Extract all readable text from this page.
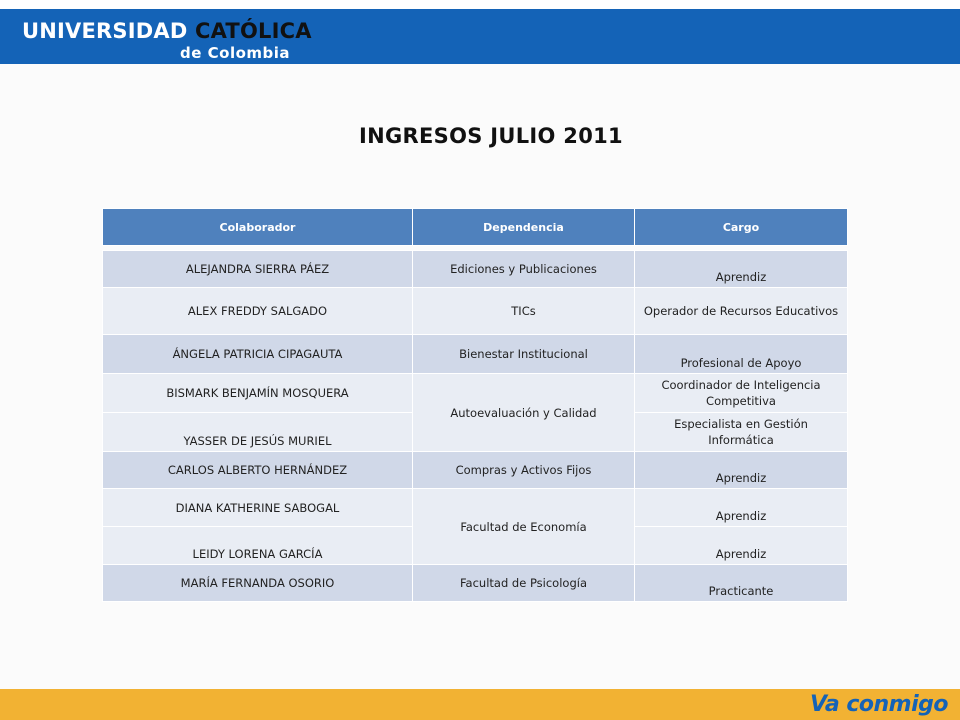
UNIVERSIDAD CATÓLICA
de Colombia
INGRESOS JULIO 2011
Colaborador	Dependencia	Cargo

ALEJANDRA SIERRA PÁEZ	Ediciones y Publicaciones	Aprendiz
ALEX FREDDY SALGADO	TICs	Operador de Recursos Educativos
ÁNGELA PATRICIA CIPAGAUTA	Bienestar Institucional	Profesional de Apoyo
BISMARK BENJAMÍN MOSQUERA	Autoevaluación y Calidad	Coordinador de Inteligencia Competitiva
YASSER DE JESÚS MURIEL		Especialista en Gestión Informática
CARLOS ALBERTO HERNÁNDEZ	Compras y Activos Fijos	Aprendiz
DIANA KATHERINE SABOGAL	Facultad de Economía	Aprendiz
LEIDY LORENA GARCÍA		Aprendiz
MARÍA FERNANDA OSORIO	Facultad de Psicología	Practicante
Va conmigo
